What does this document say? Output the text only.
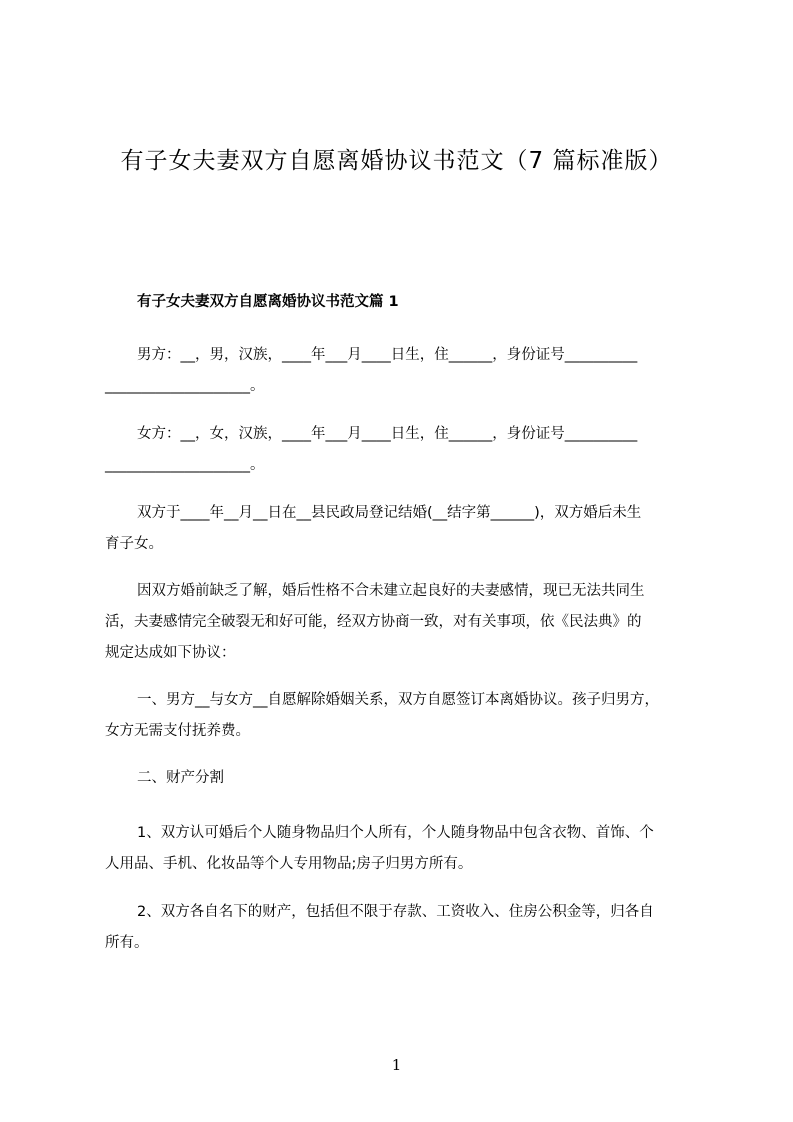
有子女夫妻双方自愿离婚协议书范文（7 篇标准版）
有子女夫妻双方自愿离婚协议书范文篇 1
男方：__，男，汉族，____年___月____日生，住______，身份证号__________
____________________。
女方：__，女，汉族，____年___月____日生，住______，身份证号__________
____________________。
双方于____年__月__日在__县民政局登记结婚(__结字第______)，双方婚后未生
育子女。
因双方婚前缺乏了解，婚后性格不合未建立起良好的夫妻感情，现已无法共同生
活，夫妻感情完全破裂无和好可能，经双方协商一致，对有关事项，依《民法典》的
规定达成如下协议：
一、男方__与女方__自愿解除婚姻关系，双方自愿签订本离婚协议。孩子归男方，
女方无需支付抚养费。
二、财产分割
1、双方认可婚后个人随身物品归个人所有，个人随身物品中包含衣物、首饰、个
人用品、手机、化妆品等个人专用物品;房子归男方所有。
2、双方各自名下的财产，包括但不限于存款、工资收入、住房公积金等，归各自
所有。
1
